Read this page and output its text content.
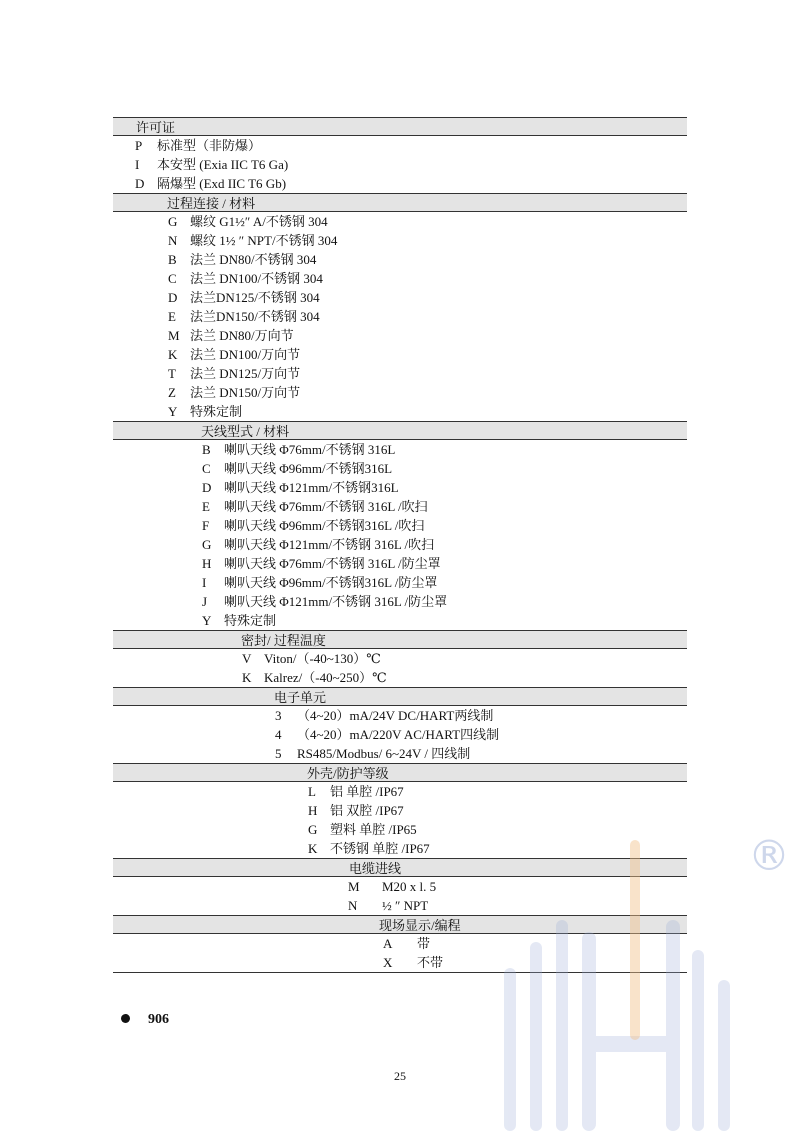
许可证
P 标准型（非防爆）
I 本安型 (Exia IIC T6 Ga)
D 隔爆型 (Exd IIC T6 Gb)
过程连接 / 材料
G 螺纹 G1½″ A/不锈钢 304
N 螺纹 1½ ″ NPT/不锈钢 304
B 法兰 DN80/不锈钢 304
C 法兰 DN100/不锈钢 304
D 法兰DN125/不锈钢 304
E 法兰DN150/不锈钢 304
M 法兰 DN80/万向节
K 法兰 DN100/万向节
T 法兰 DN125/万向节
Z 法兰 DN150/万向节
Y 特殊定制
天线型式 / 材料
B 喇叭天线 Φ76mm/不锈钢 316L
C 喇叭天线 Φ96mm/不锈钢316L
D 喇叭天线 Φ121mm/不锈钢316L
E 喇叭天线 Φ76mm/不锈钢 316L /吹扫
F 喇叭天线 Φ96mm/不锈钢316L /吹扫
G 喇叭天线 Φ121mm/不锈钢 316L /吹扫
H 喇叭天线 Φ76mm/不锈钢 316L /防尘罩
I 喇叭天线 Φ96mm/不锈钢316L /防尘罩
J 喇叭天线 Φ121mm/不锈钢 316L /防尘罩
Y 特殊定制
密封/ 过程温度
V Viton/（-40~130）℃
K Kalrez/（-40~250）℃
电子单元
3 （4~20）mA/24V DC/HART两线制
4 （4~20）mA/220V AC/HART四线制
5 RS485/Modbus/ 6~24V / 四线制
外壳/防护等级
L 铝 单腔 /IP67
H 铝 双腔 /IP67
G 塑料 单腔 /IP65
K 不锈钢 单腔 /IP67
电缆进线
M M20 x l. 5
N ½ ″ NPT
现场显示/编程
A 带
X 不带
906
25
®
